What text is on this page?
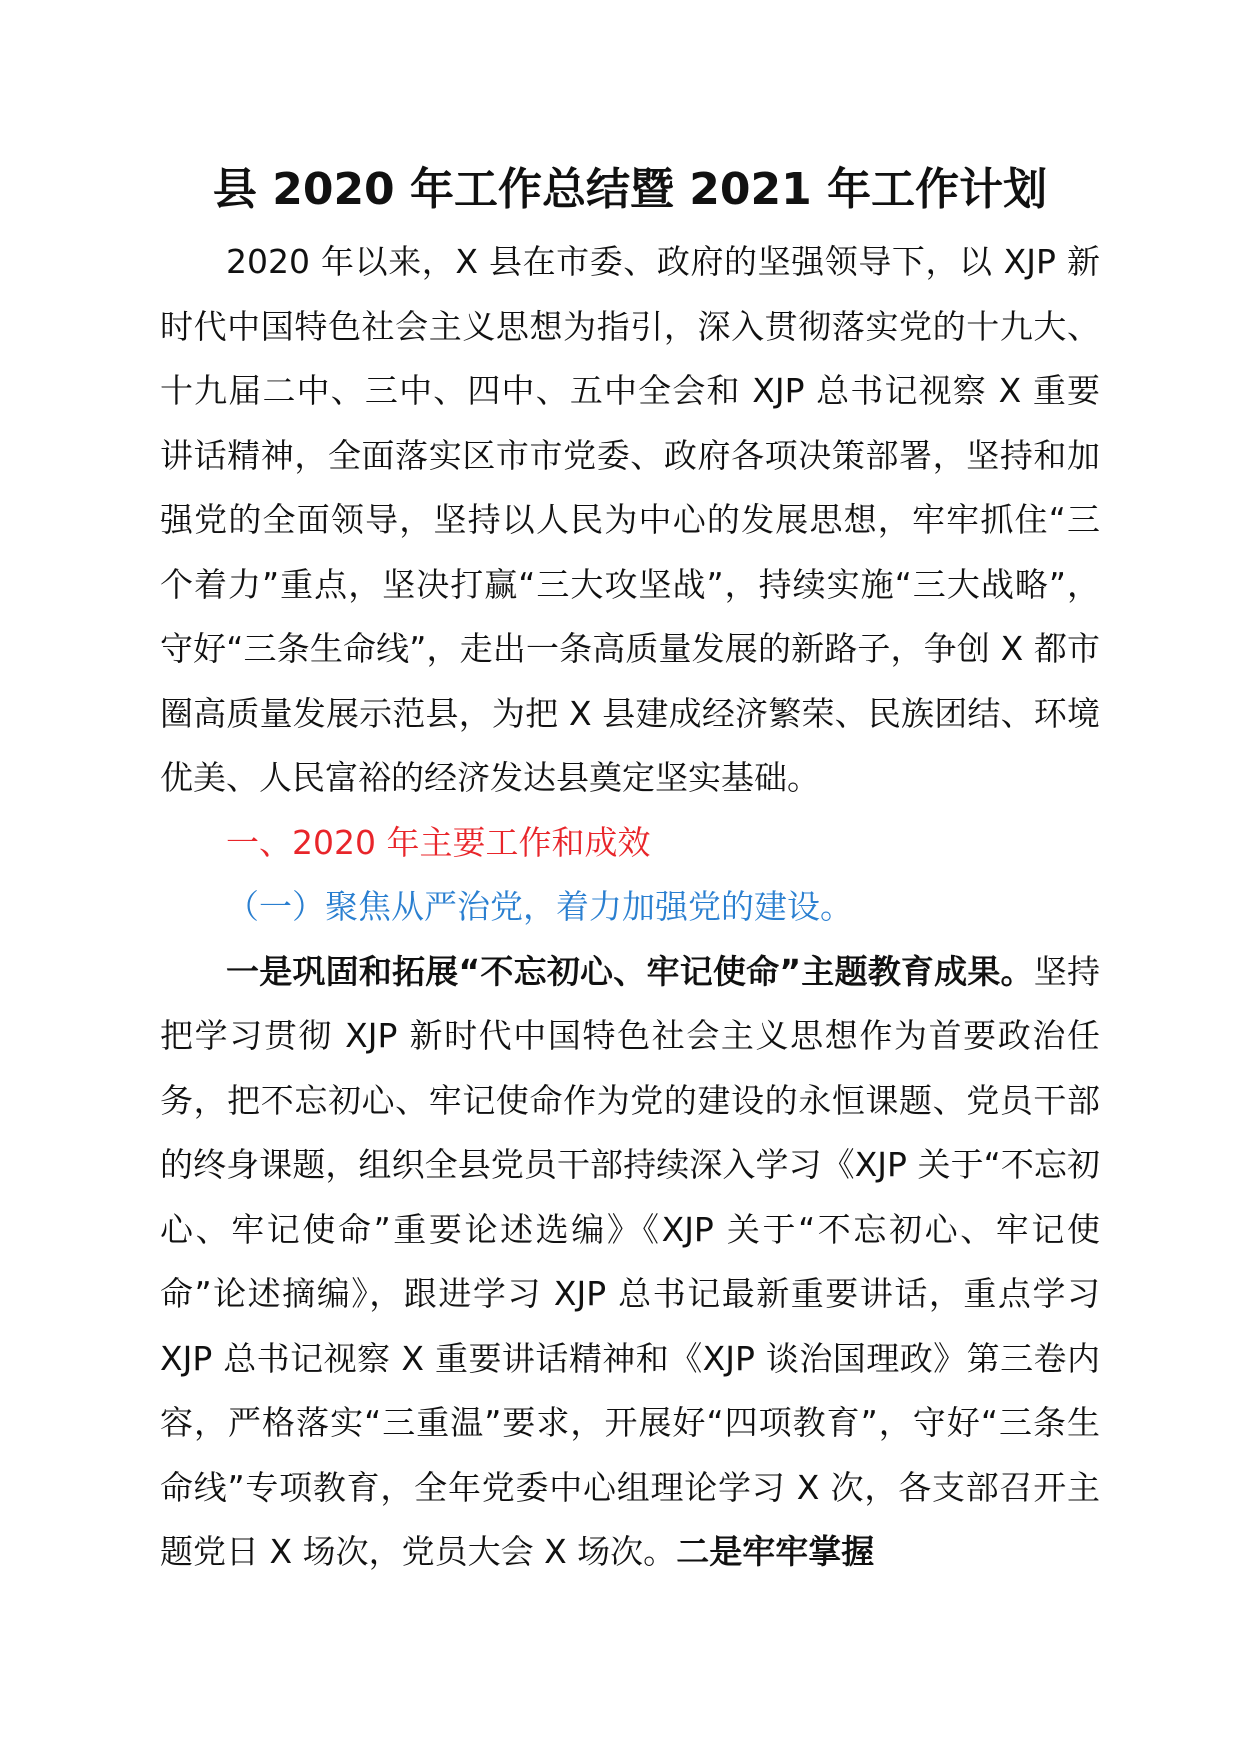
县 2020 年工作总结暨 2021 年工作计划

2020 年以来，X 县在市委、政府的坚强领导下，以 XJP 新时代中国特色社会主义思想为指引，深入贯彻落实党的十九大、十九届二中、三中、四中、五中全会和 XJP 总书记视察 X 重要讲话精神，全面落实区市市党委、政府各项决策部署，坚持和加强党的全面领导，坚持以人民为中心的发展思想，牢牢抓住“三个着力”重点，坚决打赢“三大攻坚战”，持续实施“三大战略”，守好“三条生命线”，走出一条高质量发展的新路子，争创 X 都市圈高质量发展示范县，为把 X 县建成经济繁荣、民族团结、环境优美、人民富裕的经济发达县奠定坚实基础。

一、2020 年主要工作和成效

（一）聚焦从严治党，着力加强党的建设。

一是巩固和拓展“不忘初心、牢记使命”主题教育成果。坚持把学习贯彻 XJP 新时代中国特色社会主义思想作为首要政治任务，把不忘初心、牢记使命作为党的建设的永恒课题、党员干部的终身课题，组织全县党员干部持续深入学习《XJP 关于“不忘初心、牢记使命”重要论述选编》《XJP 关于“不忘初心、牢记使命”论述摘编》，跟进学习 XJP 总书记最新重要讲话，重点学习 XJP 总书记视察 X 重要讲话精神和《XJP 谈治国理政》第三卷内容，严格落实“三重温”要求，开展好“四项教育”，守好“三条生命线”专项教育，全年党委中心组理论学习 X 次，各支部召开主题党日 X 场次，党员大会 X 场次。二是牢牢掌握
